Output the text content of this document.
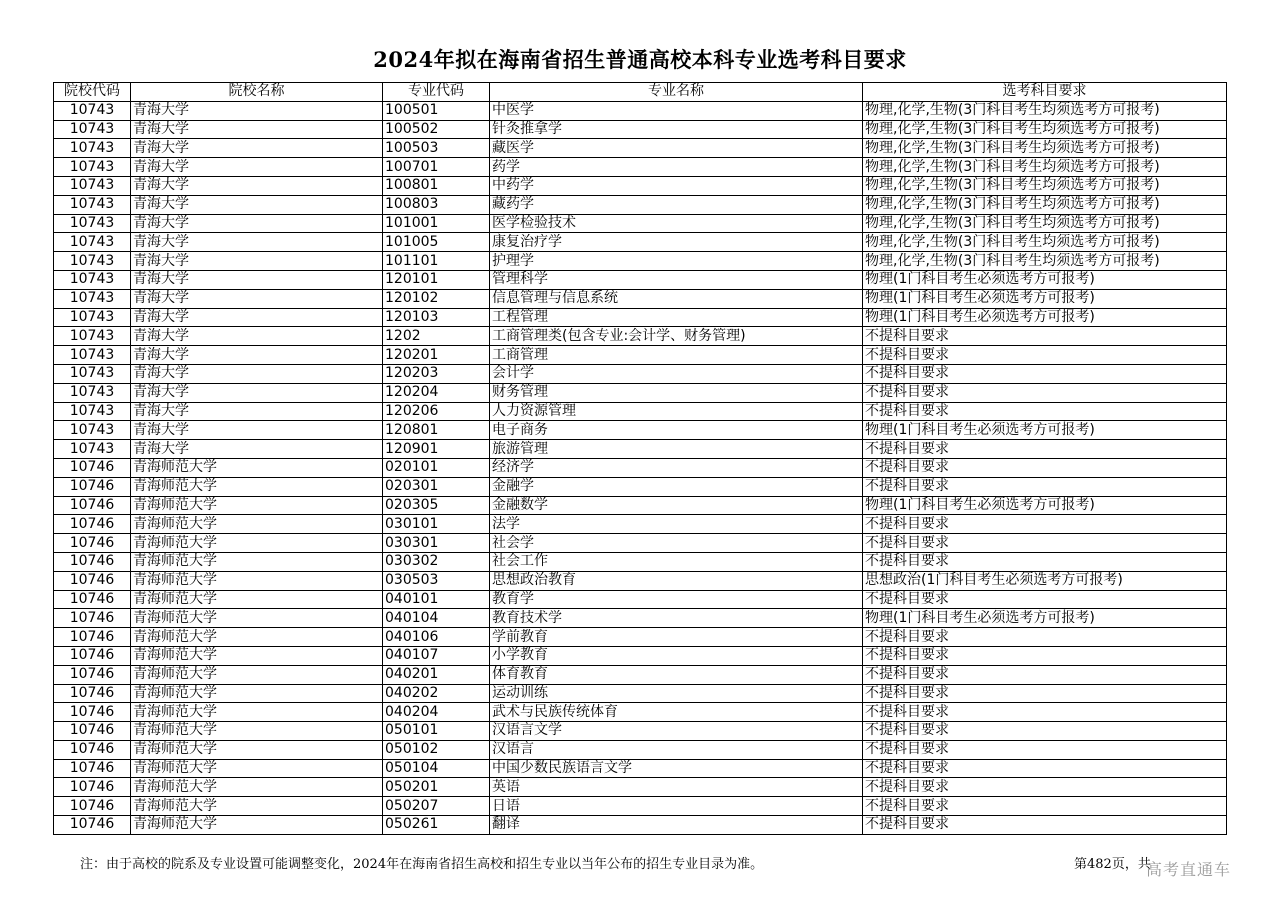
2024年拟在海南省招生普通高校本科专业选考科目要求
院校代码	院校名称	专业代码	专业名称	选考科目要求
10743	青海大学	100501	中医学	物理,化学,生物(3门科目考生均须选考方可报考)
10743	青海大学	100502	针灸推拿学	物理,化学,生物(3门科目考生均须选考方可报考)
10743	青海大学	100503	藏医学	物理,化学,生物(3门科目考生均须选考方可报考)
10743	青海大学	100701	药学	物理,化学,生物(3门科目考生均须选考方可报考)
10743	青海大学	100801	中药学	物理,化学,生物(3门科目考生均须选考方可报考)
10743	青海大学	100803	藏药学	物理,化学,生物(3门科目考生均须选考方可报考)
10743	青海大学	101001	医学检验技术	物理,化学,生物(3门科目考生均须选考方可报考)
10743	青海大学	101005	康复治疗学	物理,化学,生物(3门科目考生均须选考方可报考)
10743	青海大学	101101	护理学	物理,化学,生物(3门科目考生均须选考方可报考)
10743	青海大学	120101	管理科学	物理(1门科目考生必须选考方可报考)
10743	青海大学	120102	信息管理与信息系统	物理(1门科目考生必须选考方可报考)
10743	青海大学	120103	工程管理	物理(1门科目考生必须选考方可报考)
10743	青海大学	1202	工商管理类(包含专业:会计学、财务管理)	不提科目要求
10743	青海大学	120201	工商管理	不提科目要求
10743	青海大学	120203	会计学	不提科目要求
10743	青海大学	120204	财务管理	不提科目要求
10743	青海大学	120206	人力资源管理	不提科目要求
10743	青海大学	120801	电子商务	物理(1门科目考生必须选考方可报考)
10743	青海大学	120901	旅游管理	不提科目要求
10746	青海师范大学	020101	经济学	不提科目要求
10746	青海师范大学	020301	金融学	不提科目要求
10746	青海师范大学	020305	金融数学	物理(1门科目考生必须选考方可报考)
10746	青海师范大学	030101	法学	不提科目要求
10746	青海师范大学	030301	社会学	不提科目要求
10746	青海师范大学	030302	社会工作	不提科目要求
10746	青海师范大学	030503	思想政治教育	思想政治(1门科目考生必须选考方可报考)
10746	青海师范大学	040101	教育学	不提科目要求
10746	青海师范大学	040104	教育技术学	物理(1门科目考生必须选考方可报考)
10746	青海师范大学	040106	学前教育	不提科目要求
10746	青海师范大学	040107	小学教育	不提科目要求
10746	青海师范大学	040201	体育教育	不提科目要求
10746	青海师范大学	040202	运动训练	不提科目要求
10746	青海师范大学	040204	武术与民族传统体育	不提科目要求
10746	青海师范大学	050101	汉语言文学	不提科目要求
10746	青海师范大学	050102	汉语言	不提科目要求
10746	青海师范大学	050104	中国少数民族语言文学	不提科目要求
10746	青海师范大学	050201	英语	不提科目要求
10746	青海师范大学	050207	日语	不提科目要求
10746	青海师范大学	050261	翻译	不提科目要求
注：由于高校的院系及专业设置可能调整变化，2024年在海南省招生高校和招生专业以当年公布的招生专业目录为准。	第482页，共
高考直通车
